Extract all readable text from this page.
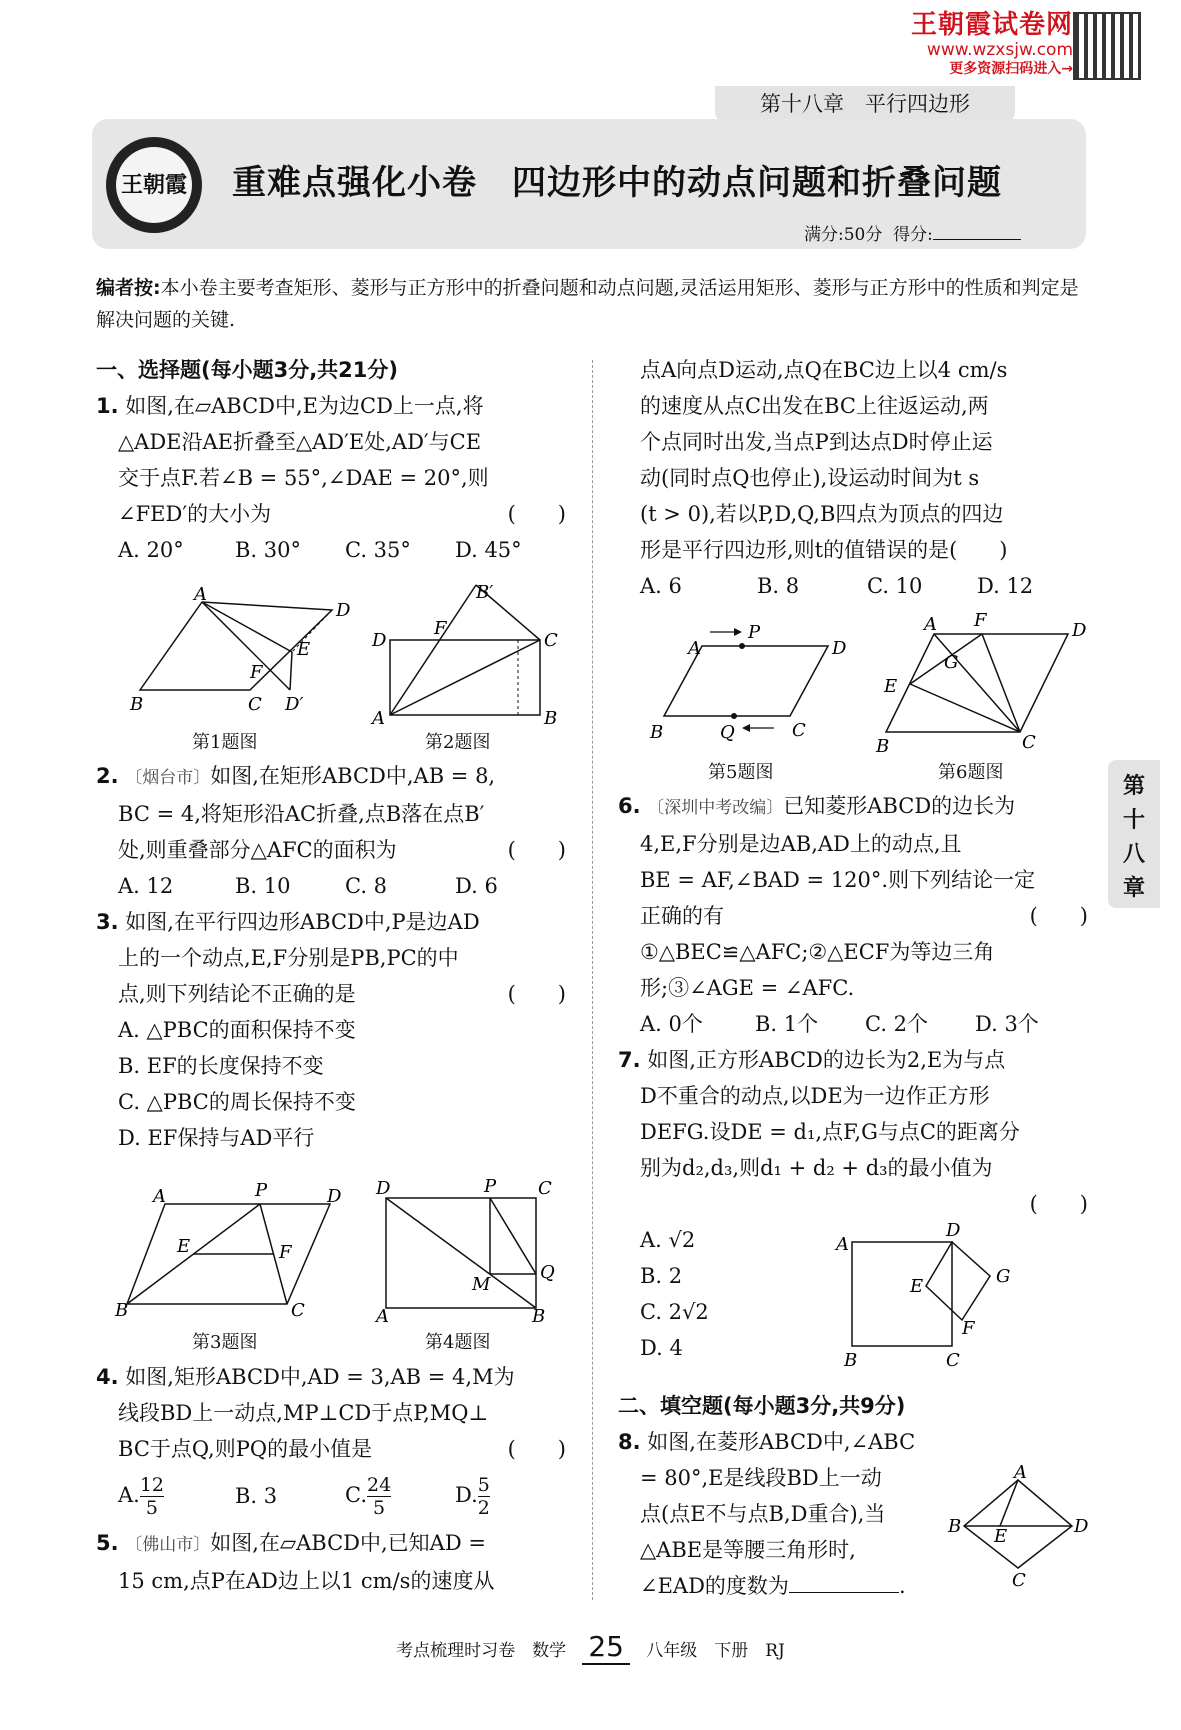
王朝霞试卷网
www.wzxsjw.com
更多资源扫码进入→
第十八章　平行四边形
王朝霞 重难点强化小卷　四边形中的动点问题和折叠问题
满分:50分 得分:
编者按:本小卷主要考查矩形、菱形与正方形中的折叠问题和动点问题,灵活运用矩形、菱形与正方形中的性质和判定是解决问题的关键.
一、选择题(每小题3分,共21分)
1. 如图,在▱ABCD中,E为边CD上一点,将
△ADE沿AE折叠至△AD′E处,AD′与CE
交于点F.若∠B = 55°,∠DAE = 20°,则
∠FED′的大小为	(　　)
A. 20°	B. 30°	C. 35°	D. 45°
A
D
E
F
B	C D′
第1题图
B′
D
F
C
A	B
第2题图
2. 〔烟台市〕如图,在矩形ABCD中,AB = 8,
BC = 4,将矩形沿AC折叠,点B落在点B′
处,则重叠部分△AFC的面积为	(　　)
A. 12	B. 10	C. 8	D. 6
3. 如图,在平行四边形ABCD中,P是边AD
上的一个动点,E,F分别是PB,PC的中
点,则下列结论不正确的是	(　　)
A. △PBC的面积保持不变
B. EF的长度保持不变
C. △PBC的周长保持不变
D. EF保持与AD平行
A	P	D
E	F
B	C
第3题图
D	P C
Q
M
A	B
第4题图
4. 如图,矩形ABCD中,AD = 3,AB = 4,M为
线段BD上一动点,MP⊥CD于点P,MQ⊥
BC于点Q,则PQ的最小值是	(　　)
A. $\frac{12}{5}$	B. 3	C. $\frac{24}{5}$	D. $\frac{5}{2}$
5. 〔佛山市〕如图,在▱ABCD中,已知AD =
15 cm,点P在AD边上以1 cm/s的速度从
点A向点D运动,点Q在BC边上以4 cm/s
的速度从点C出发在BC上往返运动,两
个点同时出发,当点P到达点D时停止运
动(同时点Q也停止),设运动时间为t s
(t > 0),若以P,D,Q,B四点为顶点的四边
形是平行四边形,则t的值错误的是(　　)
A. 6	B. 8	C. 10	D. 12
A
P
D
B	Q	C
第5题图
A F	D
G
E
B	C
第6题图
6. 〔深圳中考改编〕已知菱形ABCD的边长为
4,E,F分别是边AB,AD上的动点,且
BE = AF,∠BAD = 120°.则下列结论一定
正确的有	(　　)
①△BEC≌△AFC;②△ECF为等边三角
形;③∠AGE = ∠AFC.
A. 0个	B. 1个	C. 2个	D. 3个
7. 如图,正方形ABCD的边长为2,E为与点
D不重合的动点,以DE为一边作正方形
DEFG.设DE = d₁,点F,G与点C的距离分
别为d₂,d₃,则d₁ + d₂ + d₃的最小值为
(　　)
A. √2
B. 2
C. 2√2
D. 4
A
D
E	G
F
B	C
二、填空题(每小题3分,共9分)
8. 如图,在菱形ABCD中,∠ABC
= 80°,E是线段BD上一动
点(点E不与点B,D重合),当
△ABE是等腰三角形时,
∠EAD的度数为	.
A
B E	D
C
第
十
八
章
考点梳理时习卷　数学 25 八年级　下册　RJ
